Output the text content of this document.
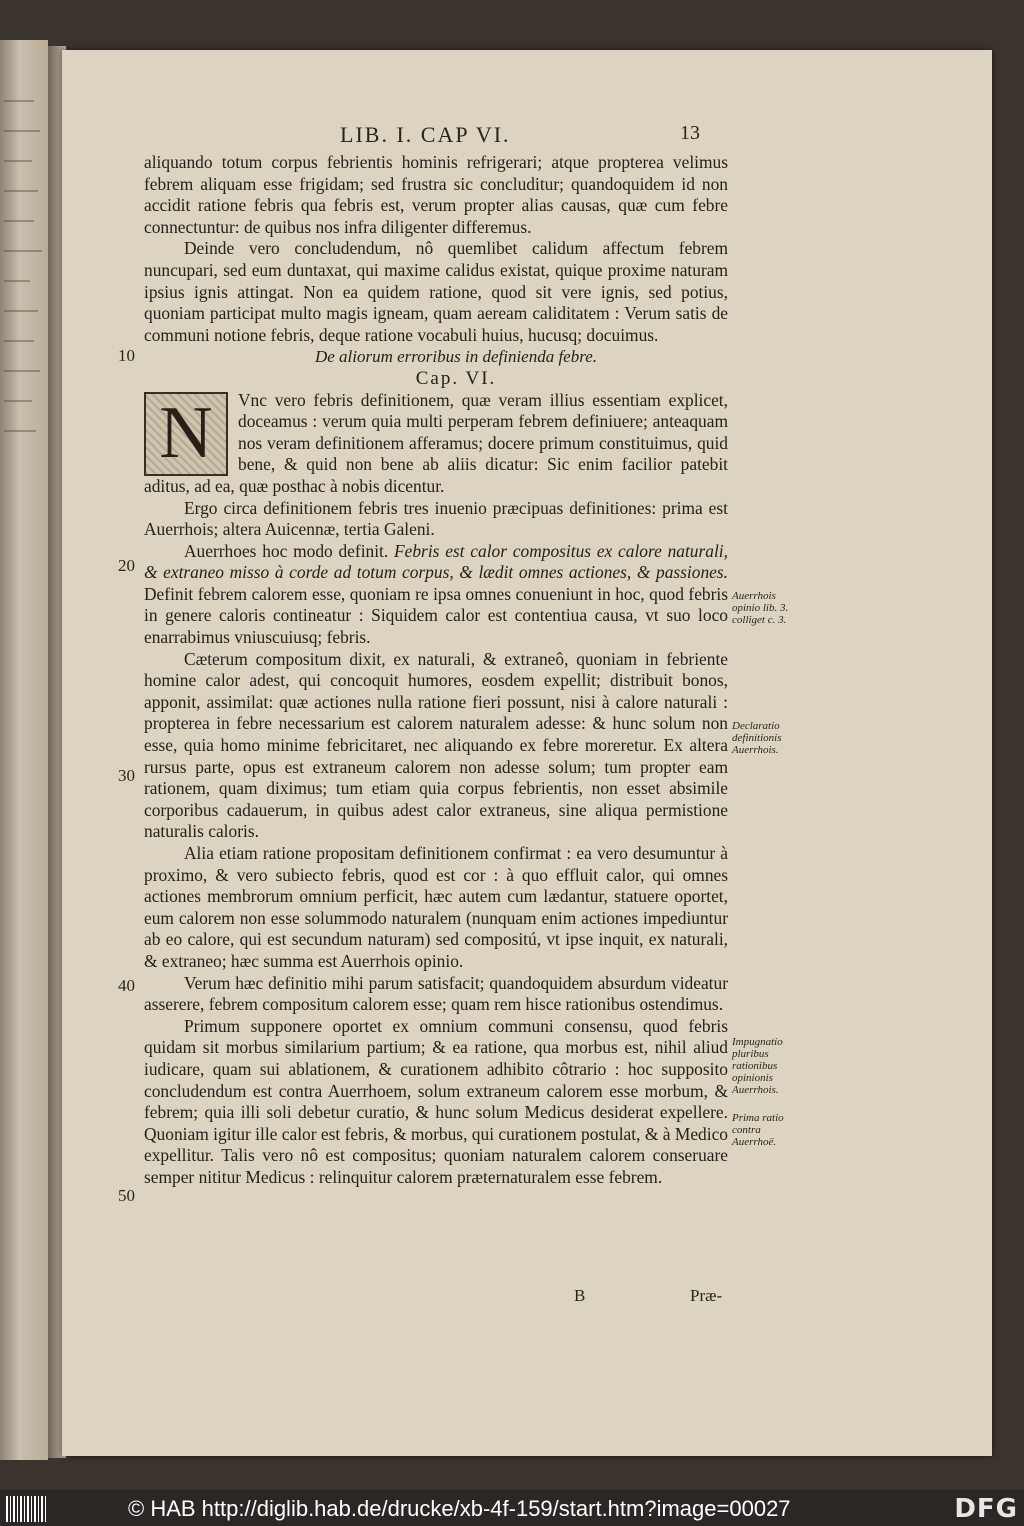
LIB. I. CAP VI.	13
10
20
30
40
50

aliquando totum corpus febrientis hominis refrigerari; atque propterea velimus febrem aliquam esse frigidam; sed frustra sic concluditur; quandoquidem id non accidit ratione febris qua febris est, verum propter alias causas, quæ cum febre connectuntur: de quibus nos infra diligenter differemus.

Deinde vero concludendum, nô quemlibet calidum affectum febrem nuncupari, sed eum duntaxat, qui maxime calidus existat, quique proxime naturam ipsius ignis attingat. Non ea quidem ratione, quod sit vere ignis, sed potius, quoniam participat multo magis igneam, quam aeream caliditatem : Verum satis de communi notione febris, deque ratione vocabuli huius, hucusq; docuimus.

De aliorum erroribus in definienda febre.

Cap. VI.

N	Vnc vero febris definitionem, quæ veram illius essentiam explicet, doceamus : verum quia multi perperam febrem definiuere; anteaquam nos veram definitionem afferamus; docere primum constituimus, quid bene, & quid non bene ab aliis dicatur: Sic enim facilior patebit aditus, ad ea, quæ posthac à nobis dicentur.

Ergo circa definitionem febris tres inuenio præcipuas definitiones: prima est Auerrhois; altera Auicennæ, tertia Galeni.

Auerrhoes hoc modo definit. Febris est calor compositus ex calore naturali, & extraneo misso à corde ad totum corpus, & lædit omnes actiones, & passiones. Definit febrem calorem esse, quoniam re ipsa omnes conueniunt in hoc, quod febris in genere caloris contineatur : Siquidem calor est contentiua causa, vt suo loco enarrabimus vniuscuiusq; febris.

Cæterum compositum dixit, ex naturali, & extraneô, quoniam in febriente homine calor adest, qui concoquit humores, eosdem expellit; distribuit bonos, apponit, assimilat: quæ actiones nulla ratione fieri possunt, nisi à calore naturali : propterea in febre necessarium est calorem naturalem adesse: & hunc solum non esse, quia homo minime febricitaret, nec aliquando ex febre moreretur. Ex altera rursus parte, opus est extraneum calorem non adesse solum; tum propter eam rationem, quam diximus; tum etiam quia corpus febrientis, non esset absimile corporibus cadauerum, in quibus adest calor extraneus, sine aliqua permistione naturalis caloris.

Alia etiam ratione propositam definitionem confirmat : ea vero desumuntur à proximo, & vero subiecto febris, quod est cor : à quo effluit calor, qui omnes actiones membrorum omnium perficit, hæc autem cum lædantur, statuere oportet, eum calorem non esse solummodo naturalem (nunquam enim actiones impediuntur ab eo calore, qui est secundum naturam) sed compositú, vt ipse inquit, ex naturali, & extraneo; hæc summa est Auerrhois opinio.

Verum hæc definitio mihi parum satisfacit; quandoquidem absurdum videatur asserere, febrem compositum calorem esse; quam rem hisce rationibus ostendimus.

Primum supponere oportet ex omnium communi consensu, quod febris quidam sit morbus similarium partium; & ea ratione, qua morbus est, nihil aliud iudicare, quam sui ablationem, & curationem adhibito côtrario : hoc supposito concludendum est contra Auerrhoem, solum extraneum calorem esse morbum, & febrem; quia illi soli debetur curatio, & hunc solum Medicus desiderat expellere. Quoniam igitur ille calor est febris, & morbus, qui curationem postulat, & à Medico expellitur. Talis vero nô est compositus; quoniam naturalem calorem conseruare semper nititur Medicus : relinquitur calorem præternaturalem esse febrem.

Auerrhois opinio lib. 3. colliget c. 3.
Declaratio definitionis Auerrhois.
Impugnatio pluribus rationibus opinionis Auerrhois.
Prima ratio contra Auerrhoë.
B	Præ-
© HAB http://diglib.hab.de/drucke/xb-4f-159/start.htm?image=00027	DFG
